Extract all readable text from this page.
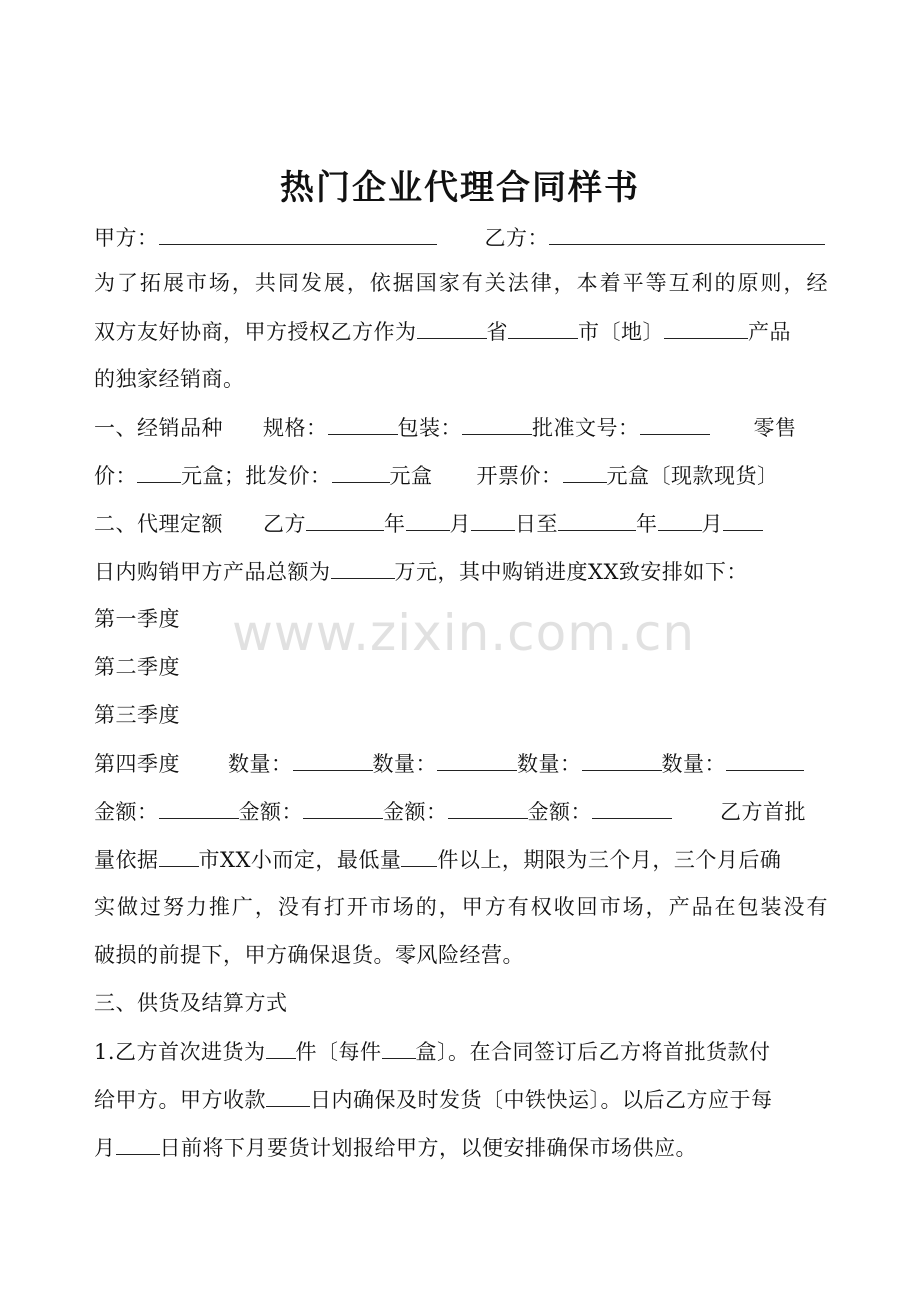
热门企业代理合同样书
甲方：	乙方：
为了拓展市场，共同发展，依据国家有关法律，本着平等互利的原则，经
双方友好协商，甲方授权乙方作为	省	市〔地〕	产品
的独家经销商。
一、经销品种 规格：	包装：	批准文号：	零售
价： 元盒；批发价：	元盒 开票价： 元盒〔现款现货〕
二、代理定额 乙方	年 月 日至	年 月
日内购销甲方产品总额为	万元，其中购销进度XX致安排如下：
第一季度
第二季度
第三季度
第四季度 数量：	数量：	数量：	数量：
金额：	金额：	金额：	金额：	乙方首批
量依据 市XX小而定，最低量 件以上，期限为三个月，三个月后确
实做过努力推广，没有打开市场的，甲方有权收回市场，产品在包装没有
破损的前提下，甲方确保退货。零风险经营。
三、供货及结算方式
1.乙方首次进货为 件〔每件 盒〕。在合同签订后乙方将首批货款付
给甲方。甲方收款 日内确保及时发货〔中铁快运〕。以后乙方应于每
月 日前将下月要货计划报给甲方，以便安排确保市场供应。
www.zixin.com.cn
